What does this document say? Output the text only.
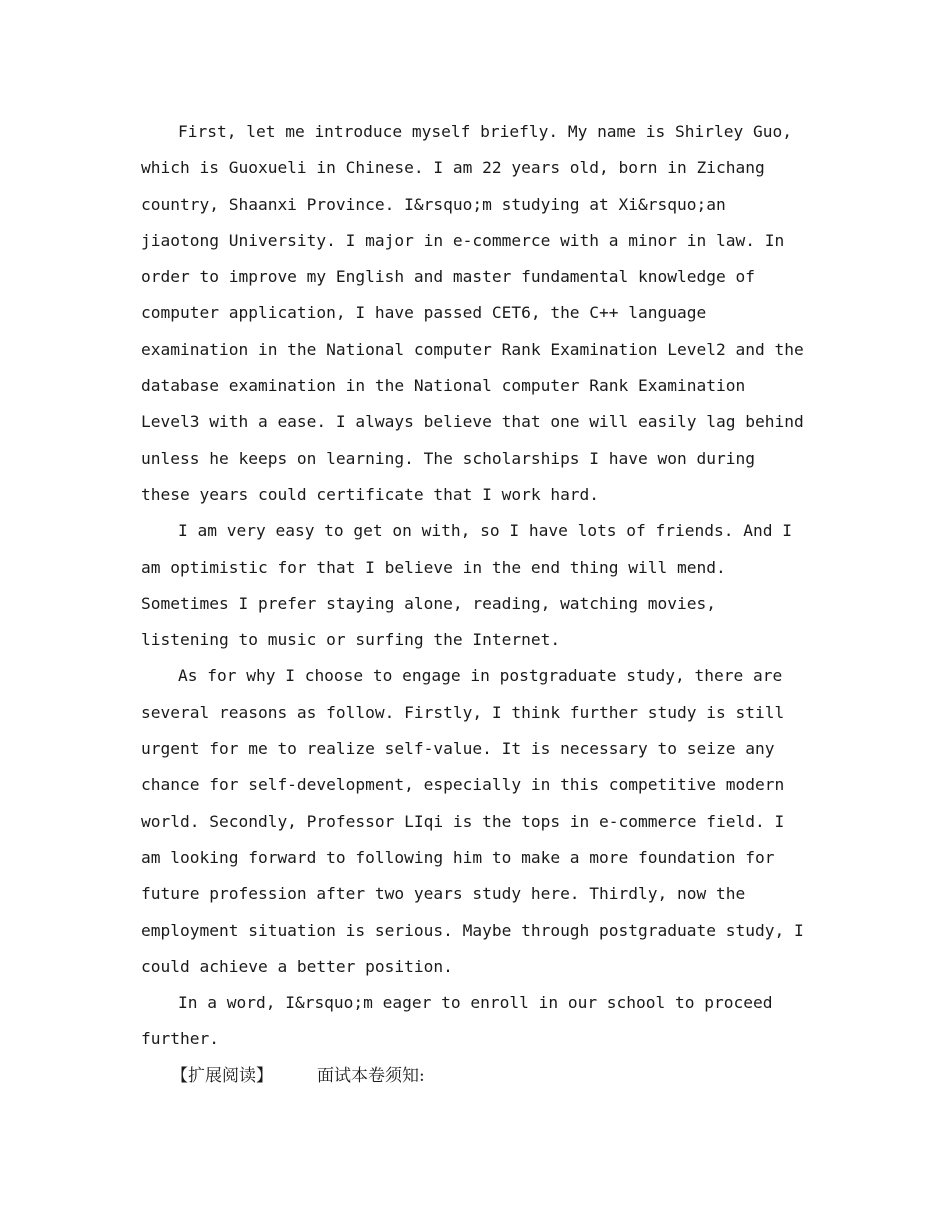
First, let me introduce myself briefly. My name is Shirley Guo, which is Guoxueli in Chinese. I am 22 years old, born in Zichang country, Shaanxi Province. I&rsquo;m studying at Xi&rsquo;an jiaotong University. I major in e-commerce with a minor in law. In order to improve my English and master fundamental knowledge of computer application, I have passed CET6, the C++ language examination in the National computer Rank Examination Level2 and the database examination in the National computer Rank Examination Level3 with a ease. I always believe that one will easily lag behind unless he keeps on learning. The scholarships I have won during these years could certificate that I work hard.

I am very easy to get on with, so I have lots of friends. And I am optimistic for that I believe in the end thing will mend. Sometimes I prefer staying alone, reading, watching movies, listening to music or surfing the Internet.

As for why I choose to engage in postgraduate study, there are several reasons as follow. Firstly, I think further study is still urgent for me to realize self-value. It is necessary to seize any chance for self-development, especially in this competitive modern world. Secondly, Professor LIqi is the tops in e-commerce field. I am looking forward to following him to make a more foundation for future profession after two years study here. Thirdly, now the employment situation is serious. Maybe through postgraduate study, I could achieve a better position.

In a word, I&rsquo;m eager to enroll in our school to proceed further.

【扩展阅读】	面试本卷须知:
